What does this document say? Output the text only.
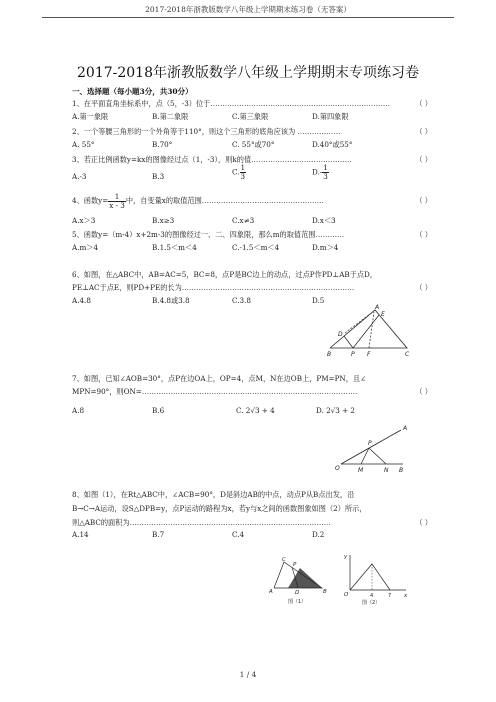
2017-2018年浙教版数学八年级上学期期末练习卷（无答案）
2017-2018年浙教版数学八年级上学期期末专项练习卷
一、选择题（每小题3分，共30分）
1、在平面直角坐标系中，点（5，-3）位于…………………………………………………………………	（ ）
A.第一象限	B.第二象限	C.第三象限	D.第四象限
2、一个等腰三角形的一个外角等于110°，则这个三角形的底角应该为 ………………	（ ）
A. 55°	B.70°	C. 55°或70°	D.40°或55°
3、若正比例函数y=kx的图像经过点（1，-3），则k的值……………………………………	（ ）
A.-3	B.3	C. $\frac{1}{3}$	$D.- \frac{1}{3}$
4、函数$y= \frac{1}{x - 3}$ 中，自变量x的取值范围……………………………………………	（ ）
A.x＞3	B.x≥3	C.x≠3	D.x＜3
5、函数y=（m-4）x+2m-3的图像经过一、二、四象限，那么m的取值范围…………	（ ）
A.m＞4	B.1.5＜m＜4	C.-1.5＜m＜4	D.m＞4
6、如图，在△ABC中，AB=AC=5，BC=8，点P是BC边上的动点，过点P作PD⊥AB于点D，
PE⊥AC于点E，则PD+PE的长为………………………………………………………………	（ ）
A.4.8	B.4.8或3.8	C.3.8	D.5
A
E
D
B	P F	C
7、如图，已知∠AOB=30°，点P在边OA上，OP=4，点M，N在边OB上，PM=PN，且∠
MPN=90°，则ON=………………………………………………………………………………	（ ）
A.8	B.6	C. 2√3 + 4	D. 2√3 + 2
A
P
O	M	N B
8、如图（1），在Rt△ABC中，∠ACB=90°，D是斜边AB的中点，动点P从B点出发，沿
B→C→A运动，设S△DPB=y，点P运动的路程为x，若y与x之间的函数图象如图（2）所示，
则△ABC的面积为…………………………………………………………………………	（ ）
A.14	B.7	C.4	D.2
C
P
A	D	B
图（1）
y
x
O	4	7
图（2）
1 / 4
